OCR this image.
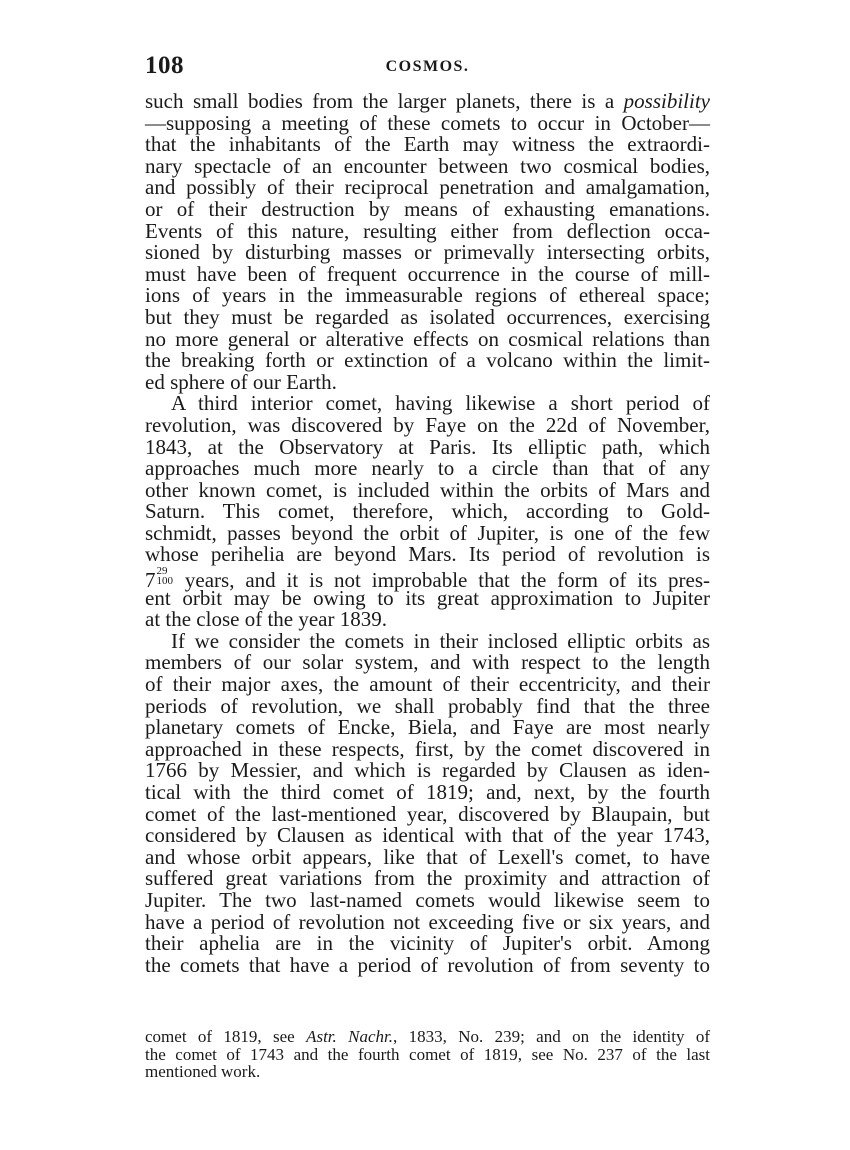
108	COSMOS.
such small bodies from the larger planets, there is a possibility
—supposing a meeting of these comets to occur in October—
that the inhabitants of the Earth may witness the extraordi-
nary spectacle of an encounter between two cosmical bodies,
and possibly of their reciprocal penetration and amalgamation,
or of their destruction by means of exhausting emanations.
Events of this nature, resulting either from deflection occa-
sioned by disturbing masses or primevally intersecting orbits,
must have been of frequent occurrence in the course of mill-
ions of years in the immeasurable regions of ethereal space;
but they must be regarded as isolated occurrences, exercising
no more general or alterative effects on cosmical relations than
the breaking forth or extinction of a volcano within the limit-
ed sphere of our Earth.
A third interior comet, having likewise a short period of
revolution, was discovered by Faye on the 22d of November,
1843, at the Observatory at Paris. Its elliptic path, which
approaches much more nearly to a circle than that of any
other known comet, is included within the orbits of Mars and
Saturn. This comet, therefore, which, according to Gold-
schmidt, passes beyond the orbit of Jupiter, is one of the few
whose perihelia are beyond Mars. Its period of revolution is
7 29
100 years, and it is not improbable that the form of its pres-
ent orbit may be owing to its great approximation to Jupiter
at the close of the year 1839.
If we consider the comets in their inclosed elliptic orbits as
members of our solar system, and with respect to the length
of their major axes, the amount of their eccentricity, and their
periods of revolution, we shall probably find that the three
planetary comets of Encke, Biela, and Faye are most nearly
approached in these respects, first, by the comet discovered in
1766 by Messier, and which is regarded by Clausen as iden-
tical with the third comet of 1819; and, next, by the fourth
comet of the last-mentioned year, discovered by Blaupain, but
considered by Clausen as identical with that of the year 1743,
and whose orbit appears, like that of Lexell's comet, to have
suffered great variations from the proximity and attraction of
Jupiter. The two last-named comets would likewise seem to
have a period of revolution not exceeding five or six years, and
their aphelia are in the vicinity of Jupiter's orbit. Among
the comets that have a period of revolution of from seventy to
comet of 1819, see Astr. Nachr., 1833, No. 239; and on the identity of
the comet of 1743 and the fourth comet of 1819, see No. 237 of the last
mentioned work.
